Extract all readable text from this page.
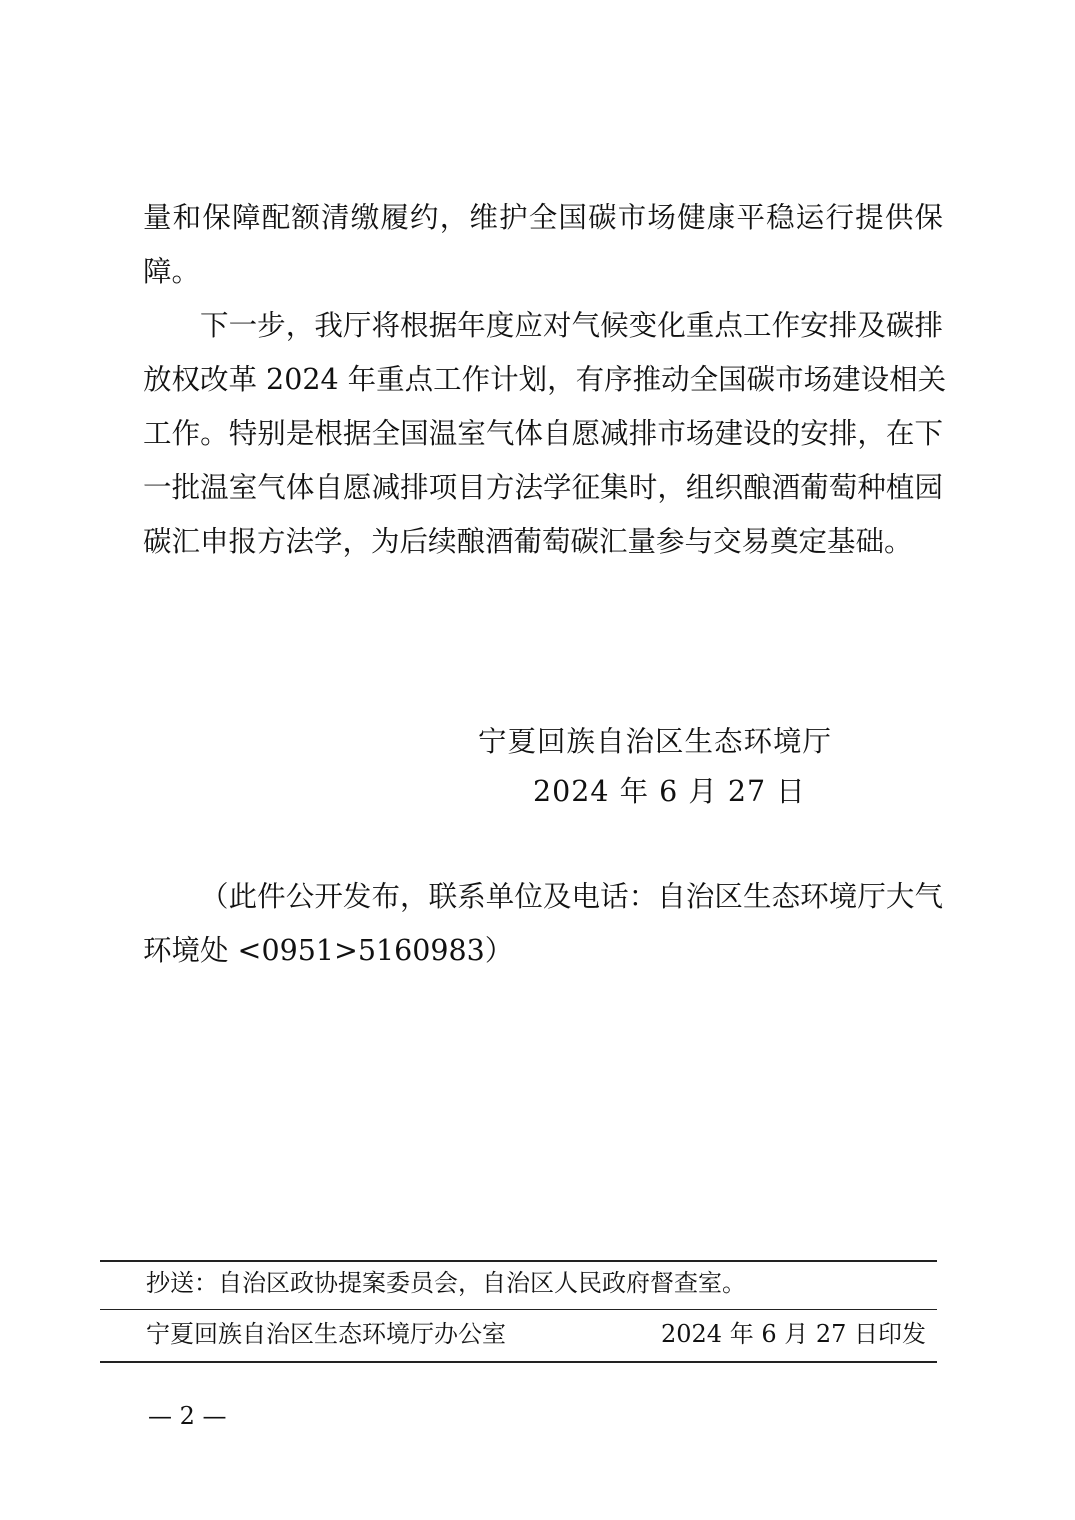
量和保障配额清缴履约，维护全国碳市场健康平稳运行提供保
障。
下一步，我厅将根据年度应对气候变化重点工作安排及碳排
放权改革 2024 年重点工作计划，有序推动全国碳市场建设相关
工作。特别是根据全国温室气体自愿减排市场建设的安排，在下
一批温室气体自愿减排项目方法学征集时，组织酿酒葡萄种植园
碳汇申报方法学，为后续酿酒葡萄碳汇量参与交易奠定基础。
宁夏回族自治区生态环境厅
2024 年 6 月 27 日
（此件公开发布，联系单位及电话：自治区生态环境厅大气
环境处 <0951>5160983）
抄送：自治区政协提案委员会，自治区人民政府督查室。
宁夏回族自治区生态环境厅办公室	2024 年 6 月 27 日印发
— 2 —
